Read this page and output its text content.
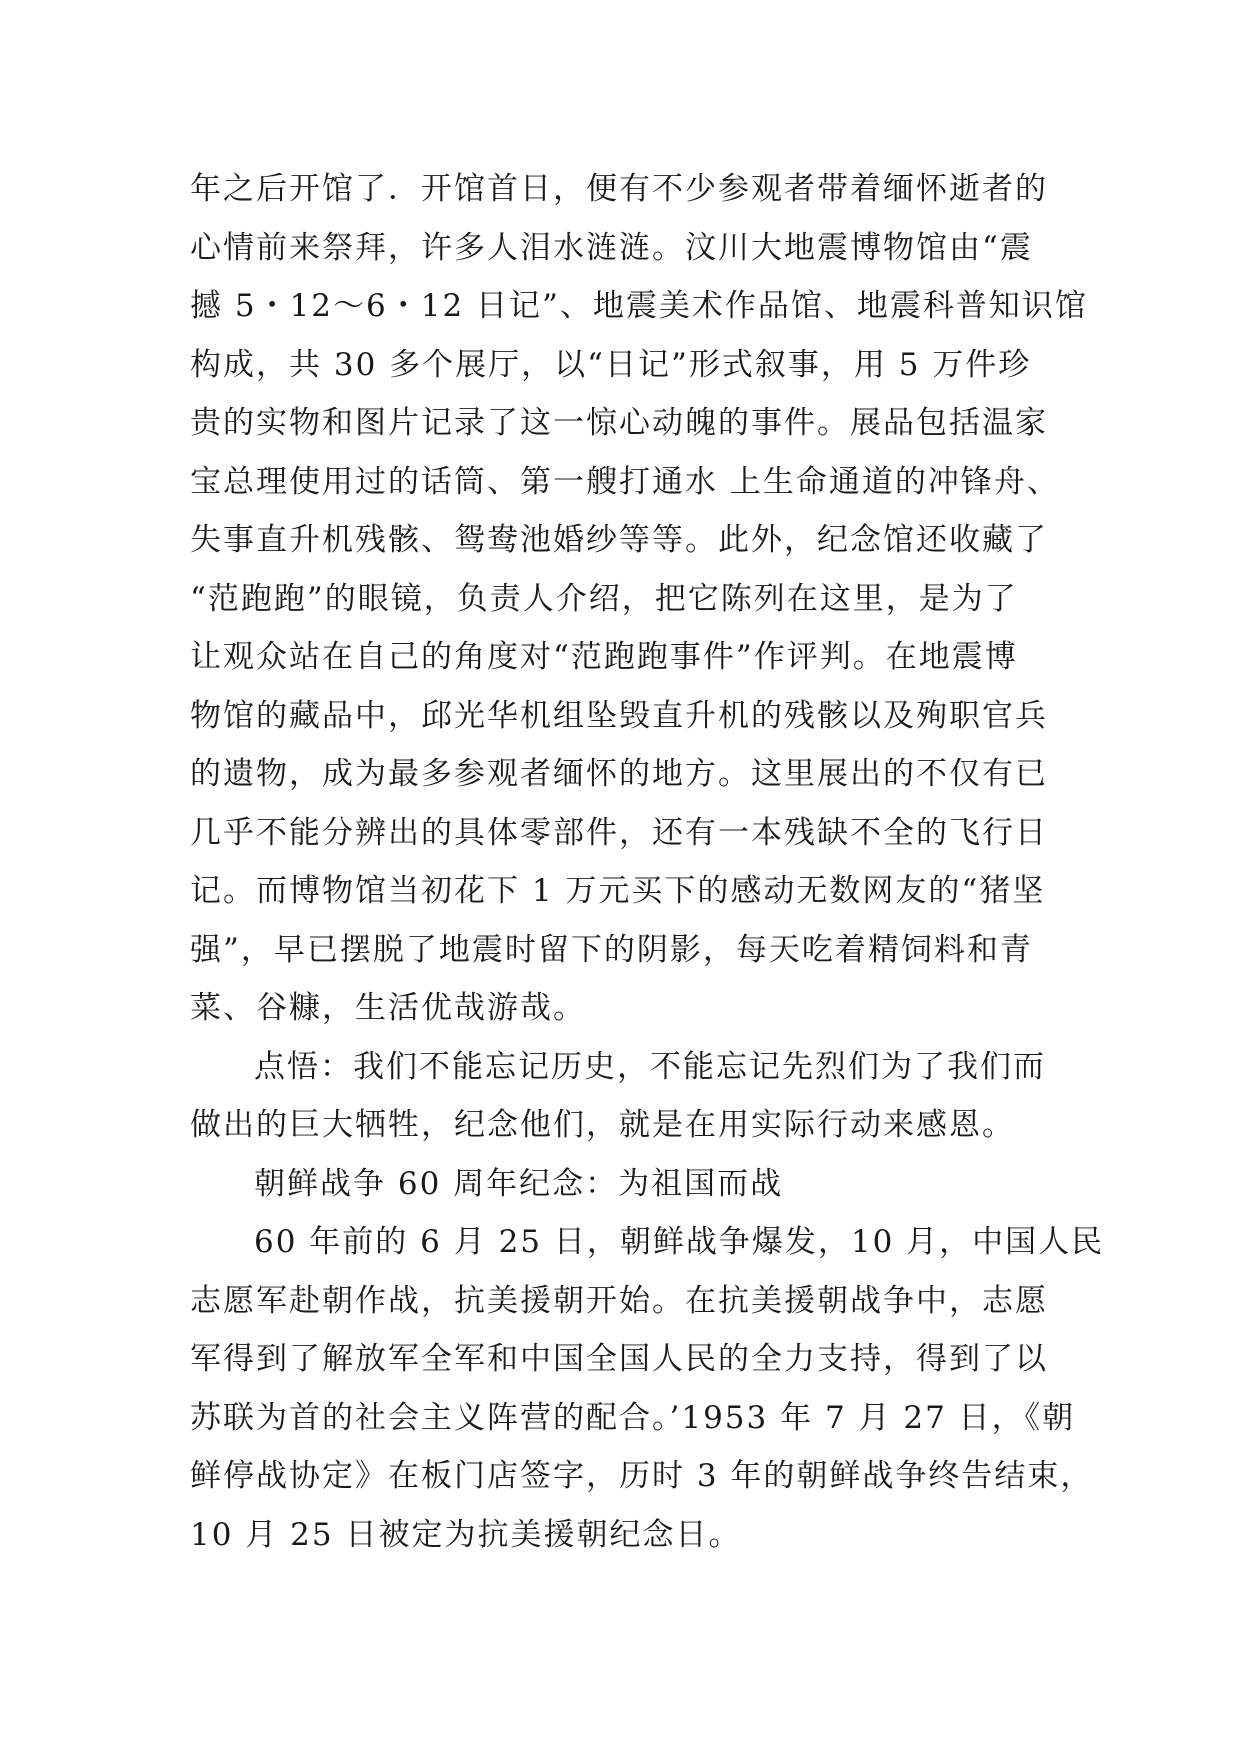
年之后开馆了．开馆首日，便有不少参观者带着缅怀逝者的
心情前来祭拜，许多人泪水涟涟。汶川大地震博物馆由“震
撼 5・12～6・12 日记”、地震美术作品馆、地震科普知识馆
构成，共 30 多个展厅，以“日记”形式叙事，用 5 万件珍
贵的实物和图片记录了这一惊心动魄的事件。展品包括温家
宝总理使用过的话筒、第一艘打通水 上生命通道的冲锋舟、
失事直升机残骸、鸳鸯池婚纱等等。此外，纪念馆还收藏了
“范跑跑”的眼镜，负责人介绍，把它陈列在这里，是为了
让观众站在自己的角度对“范跑跑事件”作评判。在地震博
物馆的藏品中，邱光华机组坠毁直升机的残骸以及殉职官兵
的遗物，成为最多参观者缅怀的地方。这里展出的不仅有已
几乎不能分辨出的具体零部件，还有一本残缺不全的飞行日
记。而博物馆当初花下 1 万元买下的感动无数网友的“猪坚
强”，早已摆脱了地震时留下的阴影，每天吃着精饲料和青
菜、谷糠，生活优哉游哉。
点悟：我们不能忘记历史，不能忘记先烈们为了我们而
做出的巨大牺牲，纪念他们，就是在用实际行动来感恩。
朝鲜战争 60 周年纪念：为祖国而战
60 年前的 6 月 25 日，朝鲜战争爆发，10 月，中国人民
志愿军赴朝作战，抗美援朝开始。在抗美援朝战争中，志愿
军得到了解放军全军和中国全国人民的全力支持，得到了以
苏联为首的社会主义阵营的配合。’1953 年 7 月 27 日，《朝
鲜停战协定》在板门店签字，历时 3 年的朝鲜战争终告结束，
10 月 25 日被定为抗美援朝纪念日。
